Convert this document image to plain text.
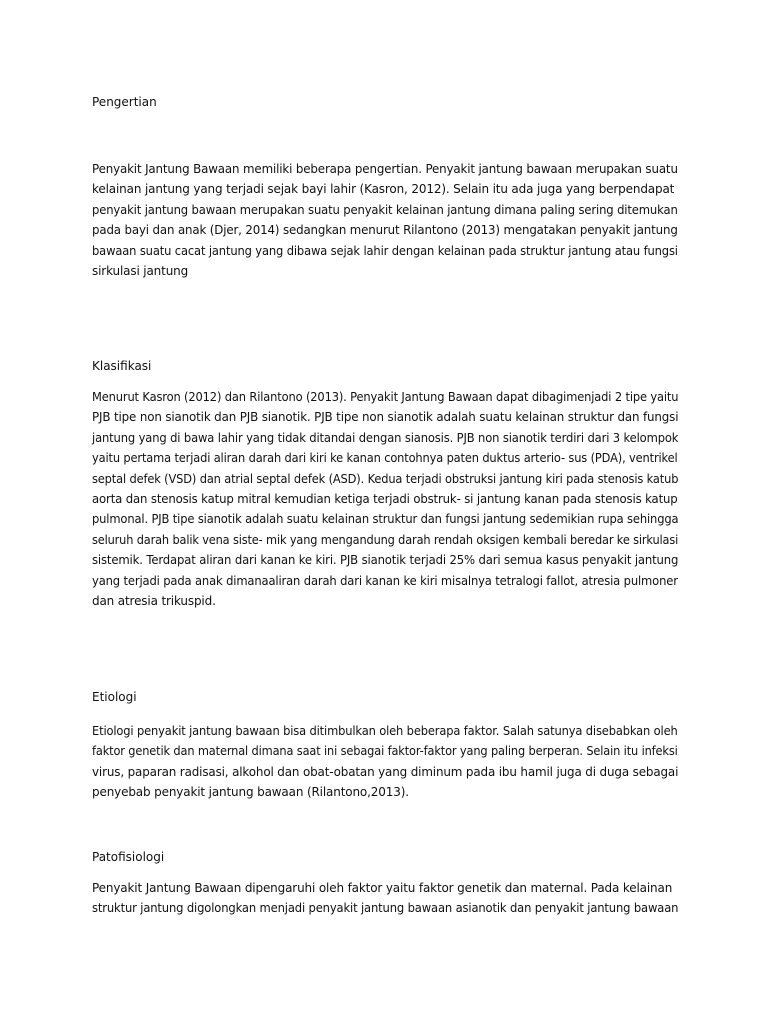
Pengertian
Penyakit Jantung Bawaan memiliki beberapa pengertian. Penyakit jantung bawaan merupakan suatu
kelainan jantung yang terjadi sejak bayi lahir (Kasron, 2012). Selain itu ada juga yang berpendapat
penyakit jantung bawaan merupakan suatu penyakit kelainan jantung dimana paling sering ditemukan
pada bayi dan anak (Djer, 2014) sedangkan menurut Rilantono (2013) mengatakan penyakit jantung
bawaan suatu cacat jantung yang dibawa sejak lahir dengan kelainan pada struktur jantung atau fungsi
sirkulasi jantung
Klasifikasi
Menurut Kasron (2012) dan Rilantono (2013). Penyakit Jantung Bawaan dapat dibagimenjadi 2 tipe yaitu
PJB tipe non sianotik dan PJB sianotik. PJB tipe non sianotik adalah suatu kelainan struktur dan fungsi
jantung yang di bawa lahir yang tidak ditandai dengan sianosis. PJB non sianotik terdiri dari 3 kelompok
yaitu pertama terjadi aliran darah dari kiri ke kanan contohnya paten duktus arterio- sus (PDA), ventrikel
septal defek (VSD) dan atrial septal defek (ASD). Kedua terjadi obstruksi jantung kiri pada stenosis katub
aorta dan stenosis katup mitral kemudian ketiga terjadi obstruk- si jantung kanan pada stenosis katup
pulmonal. PJB tipe sianotik adalah suatu kelainan struktur dan fungsi jantung sedemikian rupa sehingga
seluruh darah balik vena siste- mik yang mengandung darah rendah oksigen kembali beredar ke sirkulasi
sistemik. Terdapat aliran dari kanan ke kiri. PJB sianotik terjadi 25% dari semua kasus penyakit jantung
yang terjadi pada anak dimanaaliran darah dari kanan ke kiri misalnya tetralogi fallot, atresia pulmoner
dan atresia trikuspid.
Etiologi
Etiologi penyakit jantung bawaan bisa ditimbulkan oleh beberapa faktor. Salah satunya disebabkan oleh
faktor genetik dan maternal dimana saat ini sebagai faktor-faktor yang paling berperan. Selain itu infeksi
virus, paparan radisasi, alkohol dan obat-obatan yang diminum pada ibu hamil juga di duga sebagai
penyebab penyakit jantung bawaan (Rilantono,2013).
Patofisiologi
Penyakit Jantung Bawaan dipengaruhi oleh faktor yaitu faktor genetik dan maternal. Pada kelainan
struktur jantung digolongkan menjadi penyakit jantung bawaan asianotik dan penyakit jantung bawaan
